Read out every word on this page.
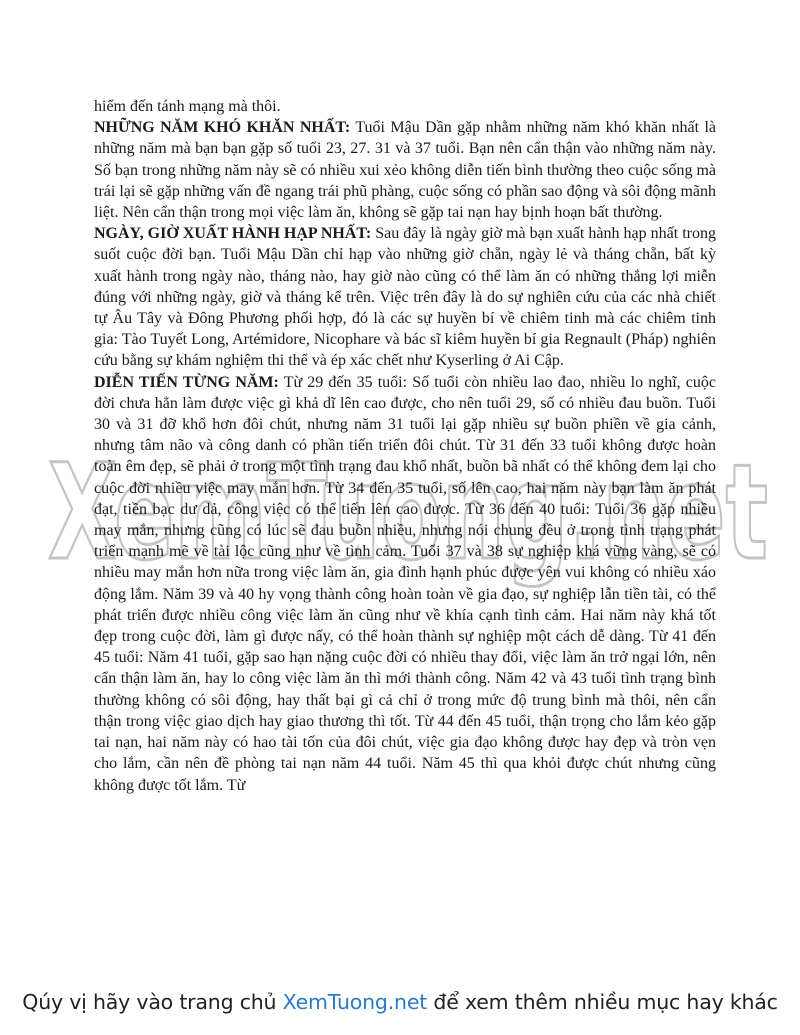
XemTuong.net

hiểm đến tánh mạng mà thôi.

NHỮNG NĂM KHÓ KHĂN NHẤT: Tuổi Mậu Dần gặp nhằm những năm khó khăn nhất là những năm mà bạn bạn gặp số tuổi 23, 27. 31 và 37 tuổi. Bạn nên cẩn thận vào những năm này. Số bạn trong những năm này sẽ có nhiều xui xẻo không diễn tiến bình thường theo cuộc sống mà trái lại sẽ gặp những vấn đề ngang trái phũ phàng, cuộc sống có phần sao động và sôi động mãnh liệt. Nên cẩn thận trong mọi việc làm ăn, không sẽ gặp tai nạn hay bịnh hoạn bất thường.

NGÀY, GIỜ XUẤT HÀNH HẠP NHẤT: Sau đây là ngày giờ mà bạn xuất hành hạp nhất trong suốt cuộc đời bạn. Tuổi Mậu Dần chỉ hạp vào những giờ chẵn, ngày lẻ và tháng chẵn, bất kỳ xuất hành trong ngày nào, tháng nào, hay giờ nào cũng có thể làm ăn có những thắng lợi miễn đúng với những ngày, giờ và tháng kể trên. Việc trên đây là do sự nghiên cứu của các nhà chiết tự Âu Tây và Đông Phương phối hợp, đó là các sự huyền bí về chiêm tinh mà các chiêm tinh gia: Tào Tuyết Long, Artémidore, Nicophare và bác sĩ kiêm huyền bí gia Regnault (Pháp) nghiên cứu bằng sự khám nghiệm thi thể và ép xác chết như Kyserling ở Ai Cập.

DIỄN TIẾN TỪNG NĂM: Từ 29 đến 35 tuổi: Số tuổi còn nhiều lao đao, nhiều lo nghĩ, cuộc đời chưa hẳn làm được việc gì khả dĩ lên cao được, cho nên tuổi 29, số có nhiều đau buồn. Tuổi 30 và 31 đỡ khổ hơn đôi chút, nhưng năm 31 tuổi lại gặp nhiều sự buồn phiền về gia cảnh, nhưng tâm não và công danh có phần tiến triển đôi chút. Từ 31 đến 33 tuổi không được hoàn toàn êm đẹp, sẽ phải ở trong một tình trạng đau khổ nhất, buồn bã nhất có thể không đem lại cho cuộc đời nhiều việc may mắn hơn. Từ 34 đến 35 tuổi, số lên cao, hai năm này bạn làm ăn phát đạt, tiền bạc dư dả, công việc có thể tiến lên cao được. Từ 36 đến 40 tuổi: Tuổi 36 gặp nhiều may mắn, nhưng cũng có lúc sẽ đau buồn nhiều, nhưng nói chung đều ở trong tình trạng phát triển mạnh mẽ về tài lộc cũng như về tình cảm. Tuổi 37 và 38 sự nghiệp khá vững vàng, sẽ có nhiều may mắn hơn nữa trong việc làm ăn, gia đình hạnh phúc được yên vui không có nhiều xáo động lắm. Năm 39 và 40 hy vọng thành công hoàn toàn về gia đạo, sự nghiệp lẫn tiền tài, có thể phát triển được nhiều công việc làm ăn cũng như về khía cạnh tình cảm. Hai năm này khá tốt đẹp trong cuộc đời, làm gì được nấy, có thể hoàn thành sự nghiệp một cách dễ dàng. Từ 41 đến 45 tuổi: Năm 41 tuổi, gặp sao hạn nặng cuộc đời có nhiều thay đổi, việc làm ăn trở ngại lớn, nên cẩn thận làm ăn, hay lo công việc làm ăn thì mới thành công. Năm 42 và 43 tuổi tình trạng bình thường không có sôi động, hay thất bại gì cả chỉ ở trong mức độ trung bình mà thôi, nên cẩn thận trong việc giao dịch hay giao thương thì tốt. Từ 44 đến 45 tuổi, thận trọng cho lắm kẻo gặp tai nạn, hai năm này có hao tài tốn của đôi chút, việc gia đạo không được hay đẹp và tròn vẹn cho lắm, cần nên đề phòng tai nạn năm 44 tuổi. Năm 45 thì qua khỏi được chút nhưng cũng không được tốt lắm. Từ

Qúy vị hãy vào trang chủ XemTuong.net để xem thêm nhiều mục hay khác
